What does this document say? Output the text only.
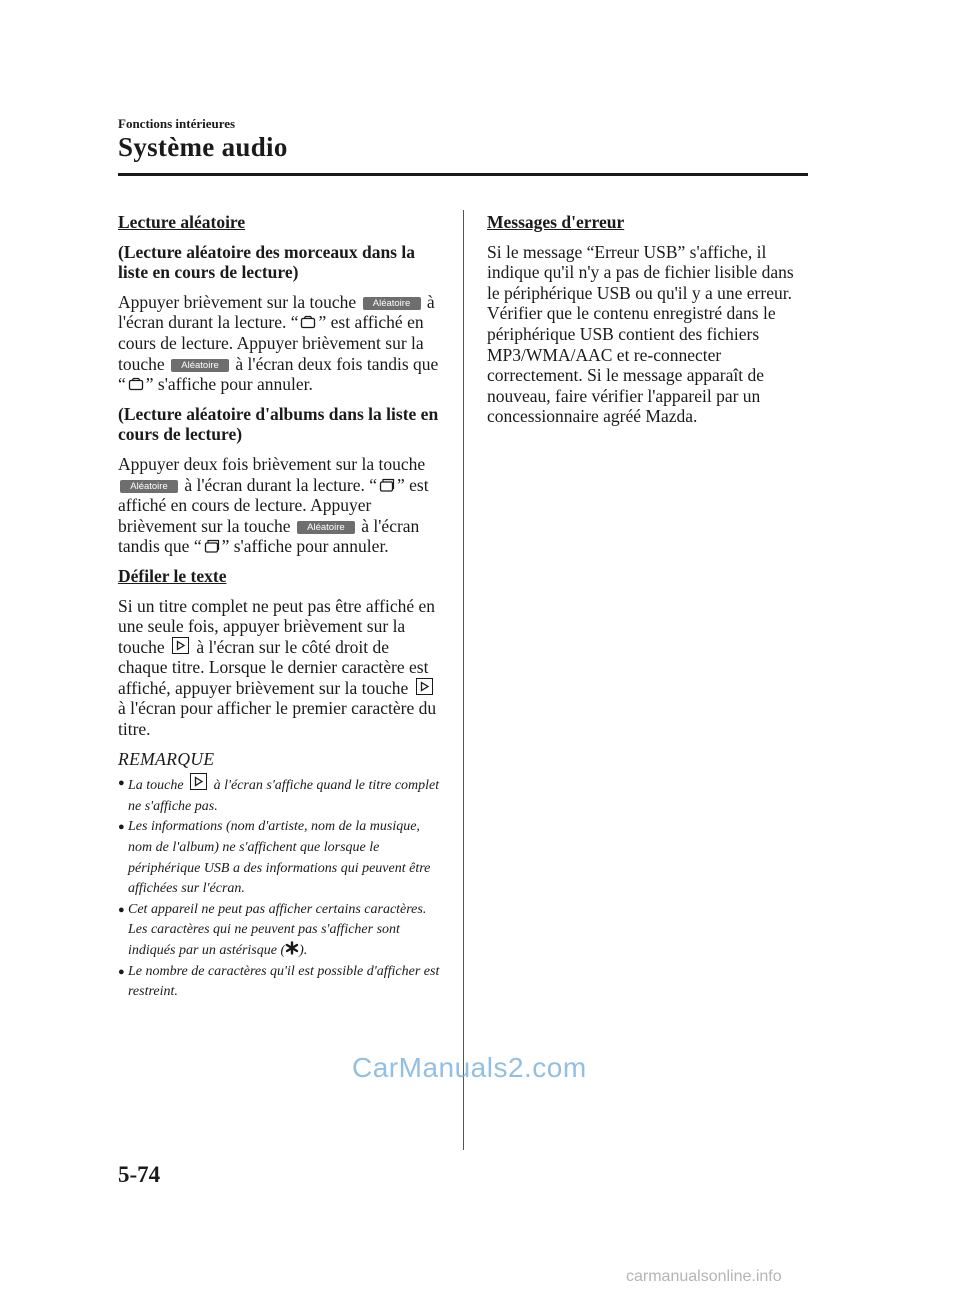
Fonctions intérieures
Système audio
Lecture aléatoire
(Lecture aléatoire des morceaux dans la liste en cours de lecture)

Appuyer brièvement sur la touche Aléatoire à l'écran durant la lecture. “ ” est affiché en cours de lecture. Appuyer brièvement sur la touche Aléatoire à l'écran deux fois tandis que “ ” s'affiche pour annuler.

(Lecture aléatoire d'albums dans la liste en cours de lecture)

Appuyer deux fois brièvement sur la touche Aléatoire à l'écran durant la lecture. “ ” est affiché en cours de lecture. Appuyer brièvement sur la touche Aléatoire à l'écran tandis que “ ” s'affiche pour annuler.

Défiler le texte

Si un titre complet ne peut pas être affiché en une seule fois, appuyer brièvement sur la touche à l'écran sur le côté droit de chaque titre. Lorsque le dernier caractère est affiché, appuyer brièvement sur la touche
à l'écran pour afficher le premier caractère du titre.

REMARQUE
● La touche à l'écran s'affiche quand le titre complet ne s'affiche pas.
● Les informations (nom d'artiste, nom de la musique, nom de l'album) ne s'affichent que lorsque le périphérique USB a des informations qui peuvent être affichées sur l'écran.
● Cet appareil ne peut pas afficher certains caractères. Les caractères qui ne peuvent pas s'afficher sont indiqués par un astérisque ( ).
● Le nombre de caractères qu'il est possible d'afficher est restreint.
Messages d'erreur

Si le message “Erreur USB” s'affiche, il indique qu'il n'y a pas de fichier lisible dans le périphérique USB ou qu'il y a une erreur. Vérifier que le contenu enregistré dans le périphérique USB contient des fichiers MP3/WMA/AAC et re-connecter correctement. Si le message apparaît de nouveau, faire vérifier l'appareil par un concessionnaire agréé Mazda.

5-74
CarManuals2.com
carmanualsonline.info
